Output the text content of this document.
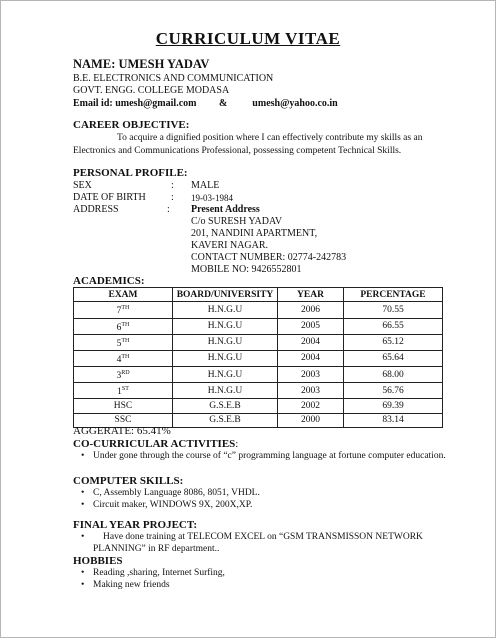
CURRICULUM VITAE
NAME: UMESH YADAV
B.E. ELECTRONICS AND COMMUNICATION
GOVT. ENGG. COLLEGE MODASA
Email id: umesh@gmail.com         &          umesh@yahoo.co.in
CAREER OBJECTIVE:
To acquire a dignified position where I can effectively contribute my skills as an Electronics and Communications Professional, possessing competent Technical Skills.
PERSONAL PROFILE:
SEX	: MALE
DATE OF BIRTH	: 19-03-1984
ADDRESS	: Present Address
C/o SURESH YADAV
201, NANDINI APARTMENT,
KAVERI NAGAR.
CONTACT NUMBER: 02774-242783
MOBILE NO: 9426552801
ACADEMICS:
EXAM	BOARD/UNIVERSITY	YEAR	PERCENTAGE
7TH	H.N.G.U	2006	70.55
6TH	H.N.G.U	2005	66.55
5TH	H.N.G.U	2004	65.12
4TH	H.N.G.U	2004	65.64
3RD	H.N.G.U	2003	68.00
1ST	H.N.G.U	2003	56.76
HSC	G.S.E.B	2002	69.39
SSC	G.S.E.B	2000	83.14
AGGERATE: 65.41%
CO-CURRICULAR ACTIVITIES:
• Under gone through the course of “c” programming language at fortune computer education.
COMPUTER SKILLS:
• C, Assembly Language 8086, 8051, VHDL.
• Circuit maker, WINDOWS 9X, 200X,XP.
FINAL YEAR PROJECT:
•	Have done training at TELECOM EXCEL on “GSM TRANSMISSON NETWORK PLANNING” in RF department..
HOBBIES
• Reading ,sharing, Internet Surfing,
• Making new friends
